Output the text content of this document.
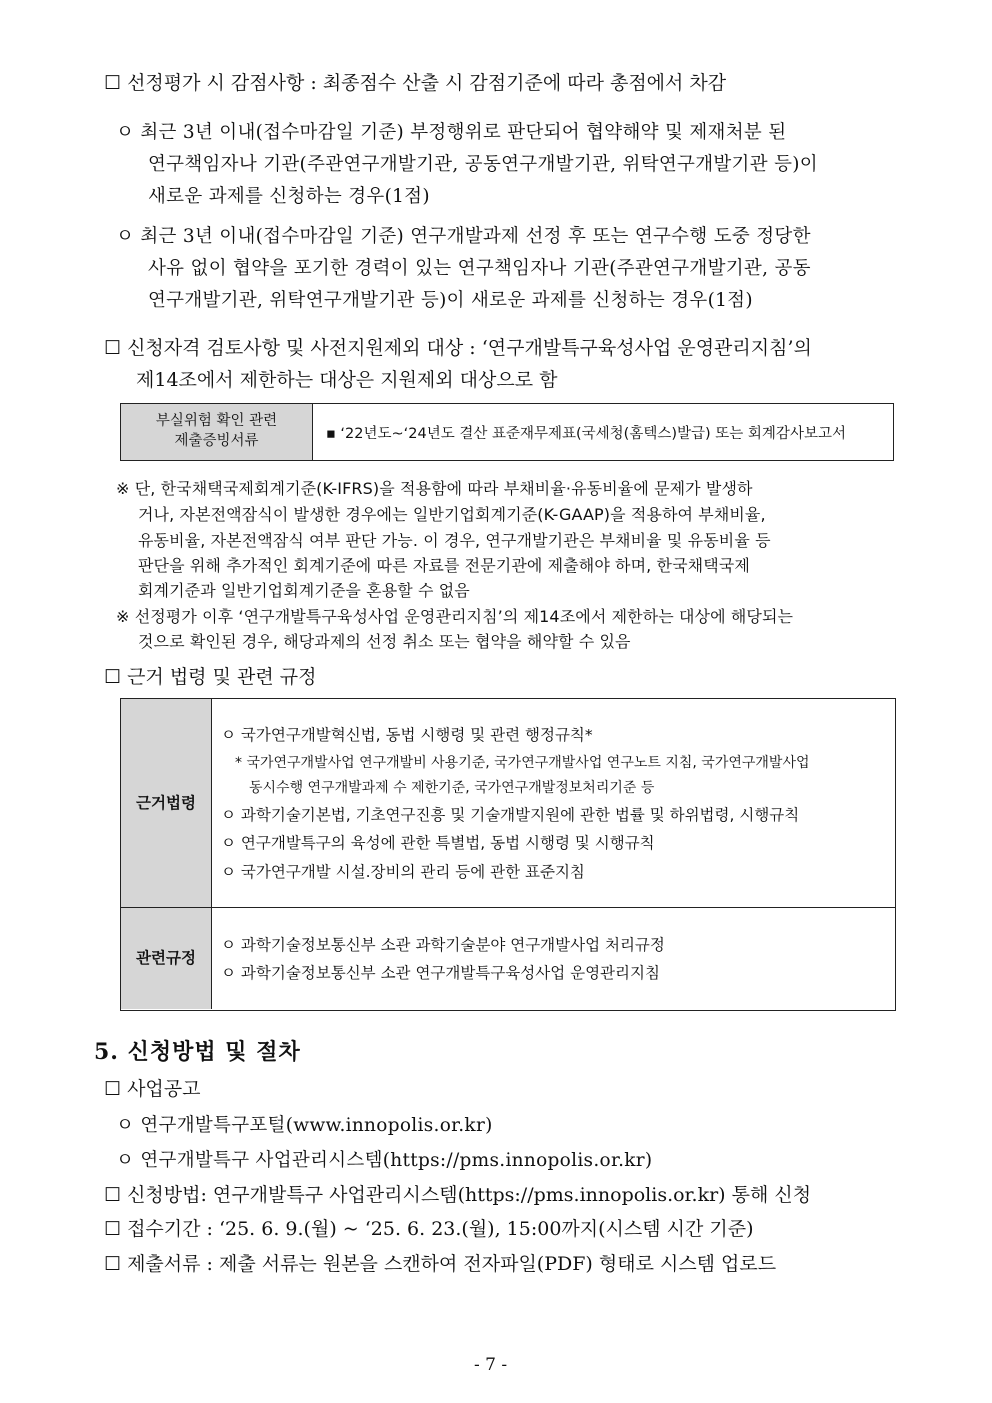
☐ 선정평가 시 감점사항 : 최종점수 산출 시 감점기준에 따라 총점에서 차감
ㅇ 최근 3년 이내(접수마감일 기준) 부정행위로 판단되어 협약해약 및 제재처분 된
연구책임자나 기관(주관연구개발기관, 공동연구개발기관, 위탁연구개발기관 등)이
새로운 과제를 신청하는 경우(1점)
ㅇ 최근 3년 이내(접수마감일 기준) 연구개발과제 선정 후 또는 연구수행 도중 정당한
사유 없이 협약을 포기한 경력이 있는 연구책임자나 기관(주관연구개발기관, 공동
연구개발기관, 위탁연구개발기관 등)이 새로운 과제를 신청하는 경우(1점)
☐ 신청자격 검토사항 및 사전지원제외 대상 : ‘연구개발특구육성사업 운영관리지침’의
제14조에서 제한하는 대상은 지원제외 대상으로 함
부실위험 확인 관련
제출증빙서류	▪ ‘22년도~‘24년도 결산 표준재무제표(국세청(홈텍스)발급) 또는 회계감사보고서
※ 단, 한국채택국제회계기준(K-IFRS)을 적용함에 따라 부채비율·유동비율에 문제가 발생하
거나, 자본전액잠식이 발생한 경우에는 일반기업회계기준(K-GAAP)을 적용하여 부채비율,
유동비율, 자본전액잠식 여부 판단 가능. 이 경우, 연구개발기관은 부채비율 및 유동비율 등
판단을 위해 추가적인 회계기준에 따른 자료를 전문기관에 제출해야 하며, 한국채택국제
회계기준과 일반기업회계기준을 혼용할 수 없음
※ 선정평가 이후 ‘연구개발특구육성사업 운영관리지침’의 제14조에서 제한하는 대상에 해당되는
것으로 확인된 경우, 해당과제의 선정 취소 또는 협약을 해약할 수 있음
☐ 근거 법령 및 관련 규정
근거법령
관련규정
ㅇ 국가연구개발혁신법, 동법 시행령 및 관련 행정규칙*
* 국가연구개발사업 연구개발비 사용기준, 국가연구개발사업 연구노트 지침, 국가연구개발사업
동시수행 연구개발과제 수 제한기준, 국가연구개발정보처리기준 등
ㅇ 과학기술기본법, 기초연구진흥 및 기술개발지원에 관한 법률 및 하위법령, 시행규칙
ㅇ 연구개발특구의 육성에 관한 특별법, 동법 시행령 및 시행규칙
ㅇ 국가연구개발 시설.장비의 관리 등에 관한 표준지침
ㅇ 과학기술정보통신부 소관 과학기술분야 연구개발사업 처리규정
ㅇ 과학기술정보통신부 소관 연구개발특구육성사업 운영관리지침
5. 신청방법 및 절차
☐ 사업공고
ㅇ 연구개발특구포털(www.innopolis.or.kr)
ㅇ 연구개발특구 사업관리시스템(https://pms.innopolis.or.kr)
☐ 신청방법: 연구개발특구 사업관리시스템(https://pms.innopolis.or.kr) 통해 신청
☐ 접수기간 : ‘25. 6. 9.(월) ~ ‘25. 6. 23.(월), 15:00까지(시스템 시간 기준)
☐ 제출서류 : 제출 서류는 원본을 스캔하여 전자파일(PDF) 형태로 시스템 업로드
- 7 -
